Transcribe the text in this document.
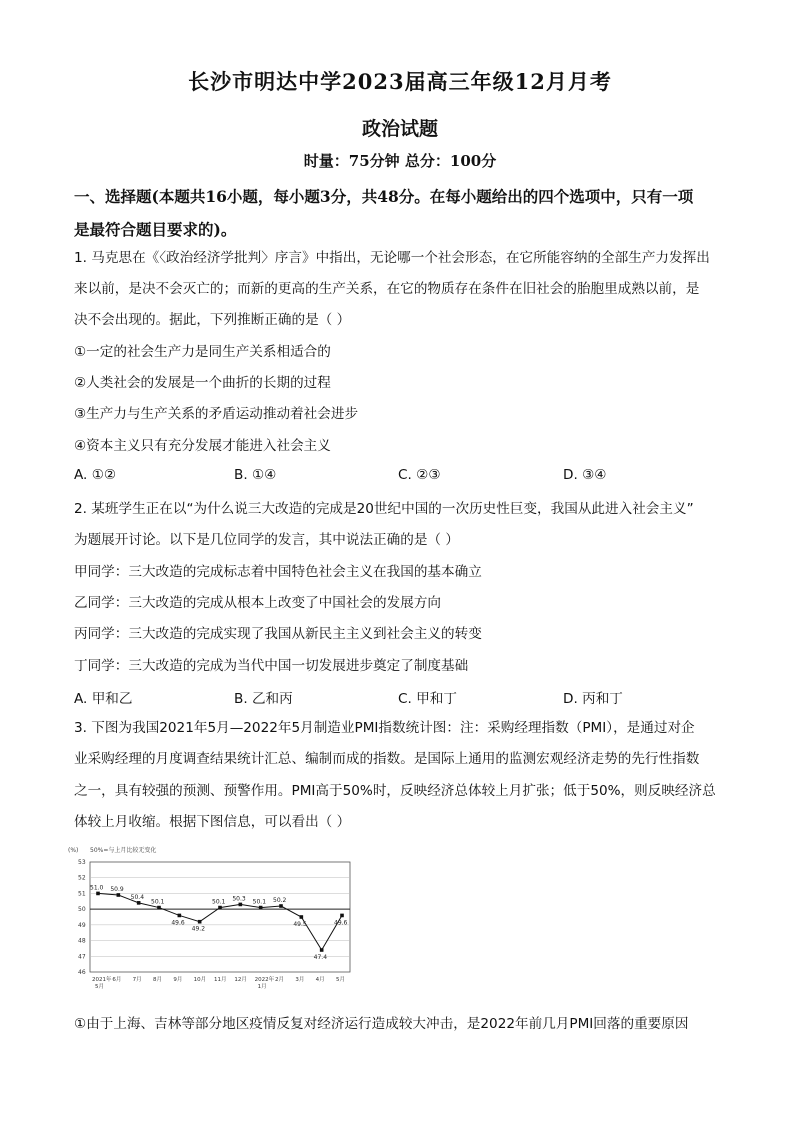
长沙市明达中学2023届高三年级12月月考
政治试题
时量：75分钟 总分：100分
一、选择题(本题共16小题，每小题3分，共48分。在每小题给出的四个选项中，只有一项
是最符合题目要求的)。
1. 马克思在《〈政治经济学批判〉序言》中指出，无论哪一个社会形态，在它所能容纳的全部生产力发挥出
来以前，是决不会灭亡的；而新的更高的生产关系，在它的物质存在条件在旧社会的胎胞里成熟以前，是
决不会出现的。据此，下列推断正确的是（ ）
①一定的社会生产力是同生产关系相适合的
②人类社会的发展是一个曲折的长期的过程
③生产力与生产关系的矛盾运动推动着社会进步
④资本主义只有充分发展才能进入社会主义
A. ①②	B. ①④	C. ②③	D. ③④
2. 某班学生正在以“为什么说三大改造的完成是20世纪中国的一次历史性巨变，我国从此进入社会主义”
为题展开讨论。以下是几位同学的发言，其中说法正确的是（ ）
甲同学：三大改造的完成标志着中国特色社会主义在我国的基本确立
乙同学：三大改造的完成从根本上改变了中国社会的发展方向
丙同学：三大改造的完成实现了我国从新民主主义到社会主义的转变
丁同学：三大改造的完成为当代中国一切发展进步奠定了制度基础
A. 甲和乙	B. 乙和丙	C. 甲和丁	D. 丙和丁
3. 下图为我国2021年5月—2022年5月制造业PMI指数统计图：注：采购经理指数（PMI），是通过对企
业采购经理的月度调查结果统计汇总、编制而成的指数。是国际上通用的监测宏观经济走势的先行性指数
之一，具有较强的预测、预警作用。PMI高于50%时，反映经济总体较上月扩张；低于50%，则反映经济总
体较上月收缩。根据下图信息，可以看出（ ）
(%) 50%=与上月比较无变化
53
52
51
50
49
48
47
46
51.0 50.9
50.4
50.1
49.6
49.2
50.1 50.3 50.1 50.2
49.5
47.4
49.6
2021年
5月
6月 7月 8月 9月 10月 11月 12月 2022年
1月
2月 3月 4月 5月
①由于上海、吉林等部分地区疫情反复对经济运行造成较大冲击，是2022年前几月PMI回落的重要原因
